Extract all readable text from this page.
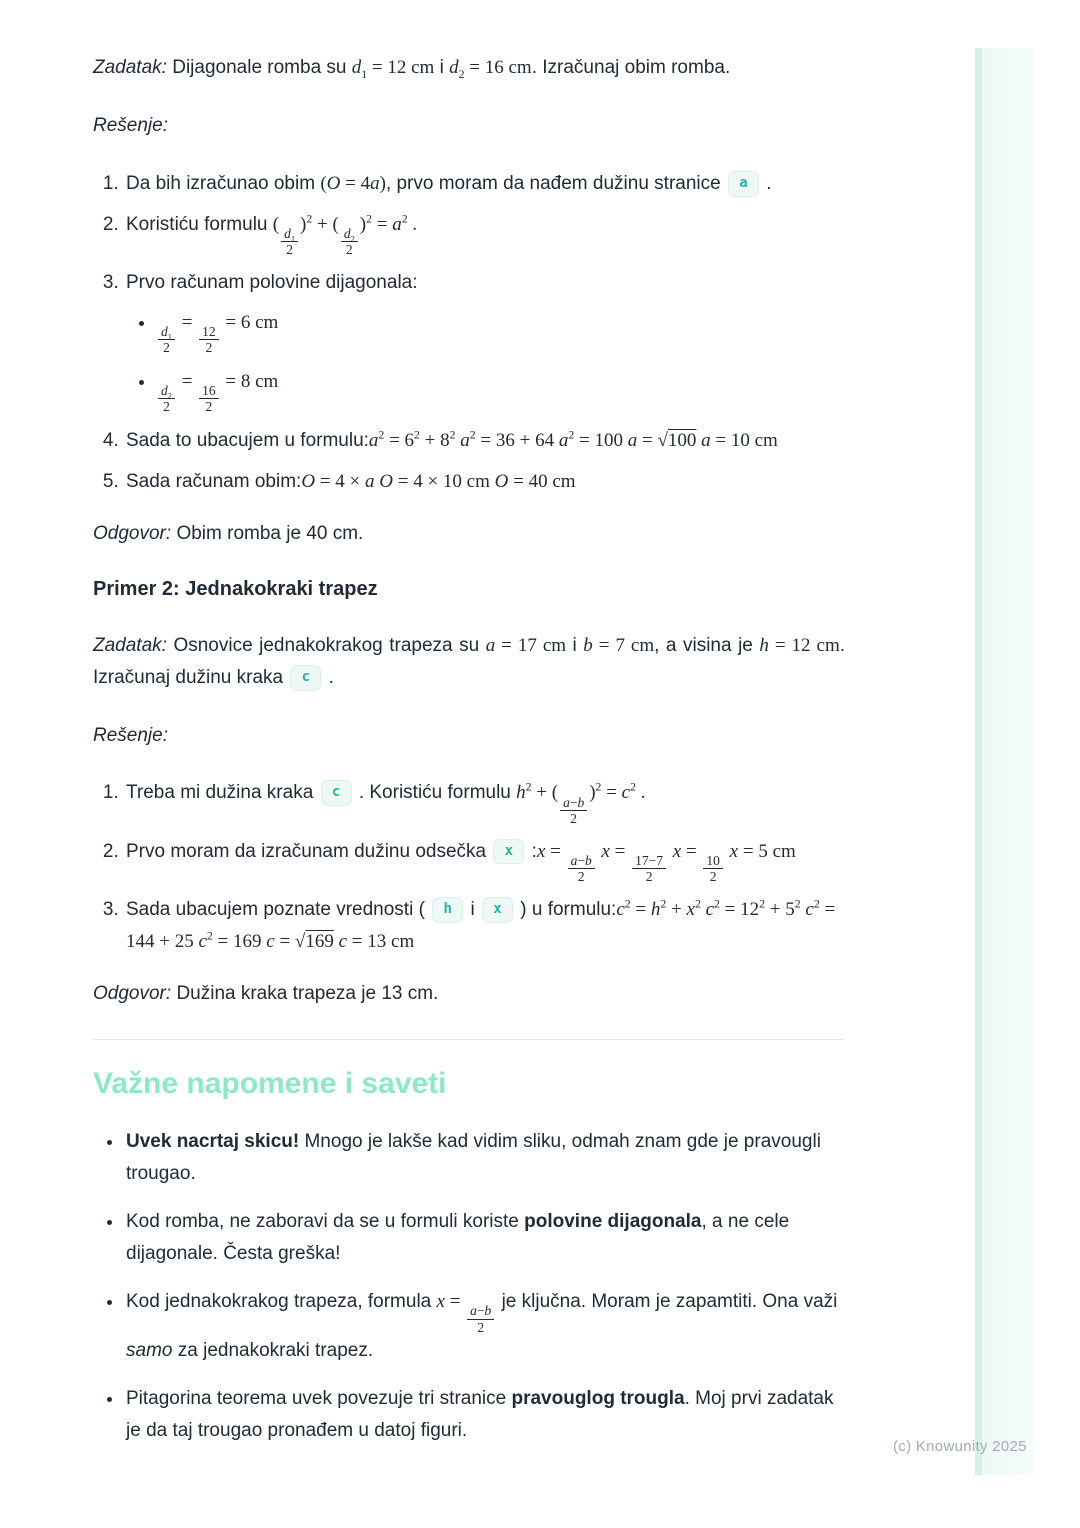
(c) Knowunity 2025

Zadatak: Dijagonale romba su $d_1 = 12$ cm i $d_2 = 16$ cm. Izračunaj obim romba.

Rešenje:

1. Da bih izračunao obim (O = 4a), prvo moram da nađem dužinu stranice a .
2. Koristiću formulu (
$\frac{d_1}{2}$
)$^2$ + (
$\frac{d_2}{2}$
)$^2 = a^2$ .
3. Prvo računam polovine dijagonala:
• $\frac{d_1}{2}$
=
$\frac{12}{2}$
= 6 cm
• $\frac{d_2}{2}$
=
$\frac{16}{2}$
= 8 cm
4. Sada to ubacujem u $formulu:a^2 = 6^2 + 8^2$ $a^2 = 36 + 64$ $a^2 = 100$ a = √100 a = 10 cm
5. Sada računam obim:O = 4 × a O = 4 × 10 cm O = 40 cm

Odgovor: Obim romba je 40 cm.

Primer 2: Jednakokraki trapez

Zadatak: Osnovice jednakokrakog trapeza su a = 17 cm i b = 7 cm, a visina je h = 12 cm. Izračunaj dužinu kraka c .

Rešenje:

1. Treba mi dužina kraka c . Koristiću formulu $h^2$ + (
$\frac{a-b}{2}$
)$^2 = c^2$ .
2. Prvo moram da izračunam dužinu odsečka x :x =
$\frac{a-b}{2}$
x =
$\frac{17-7}{2}$
x =
$\frac{10}{2}$
x = 5 cm
3. Sada ubacujem poznate vrednosti ( h i x ) u $formulu:c^2 = h^2 + x^2$ $c^2 = 12^2 + 5^2$ $c^2 = 144 + 25$ $c^2 = 169$ c = √169 c = 13 cm

Odgovor: Dužina kraka trapeza je 13 cm.

Važne napomene i saveti
• Uvek nacrtaj skicu! Mnogo je lakše kad vidim sliku, odmah znam gde je pravougli trougao.
• Kod romba, ne zaboravi da se u formuli koriste polovine dijagonala, a ne cele dijagonale. Česta greška!
• Kod jednakokrakog trapeza, formula x =
$\frac{a-b}{2}$
je ključna. Moram je zapamtiti. Ona važi samo za jednakokraki trapez.
• Pitagorina teorema uvek povezuje tri stranice pravouglog trougla. Moj prvi zadatak je da taj trougao pronađem u datoj figuri.
